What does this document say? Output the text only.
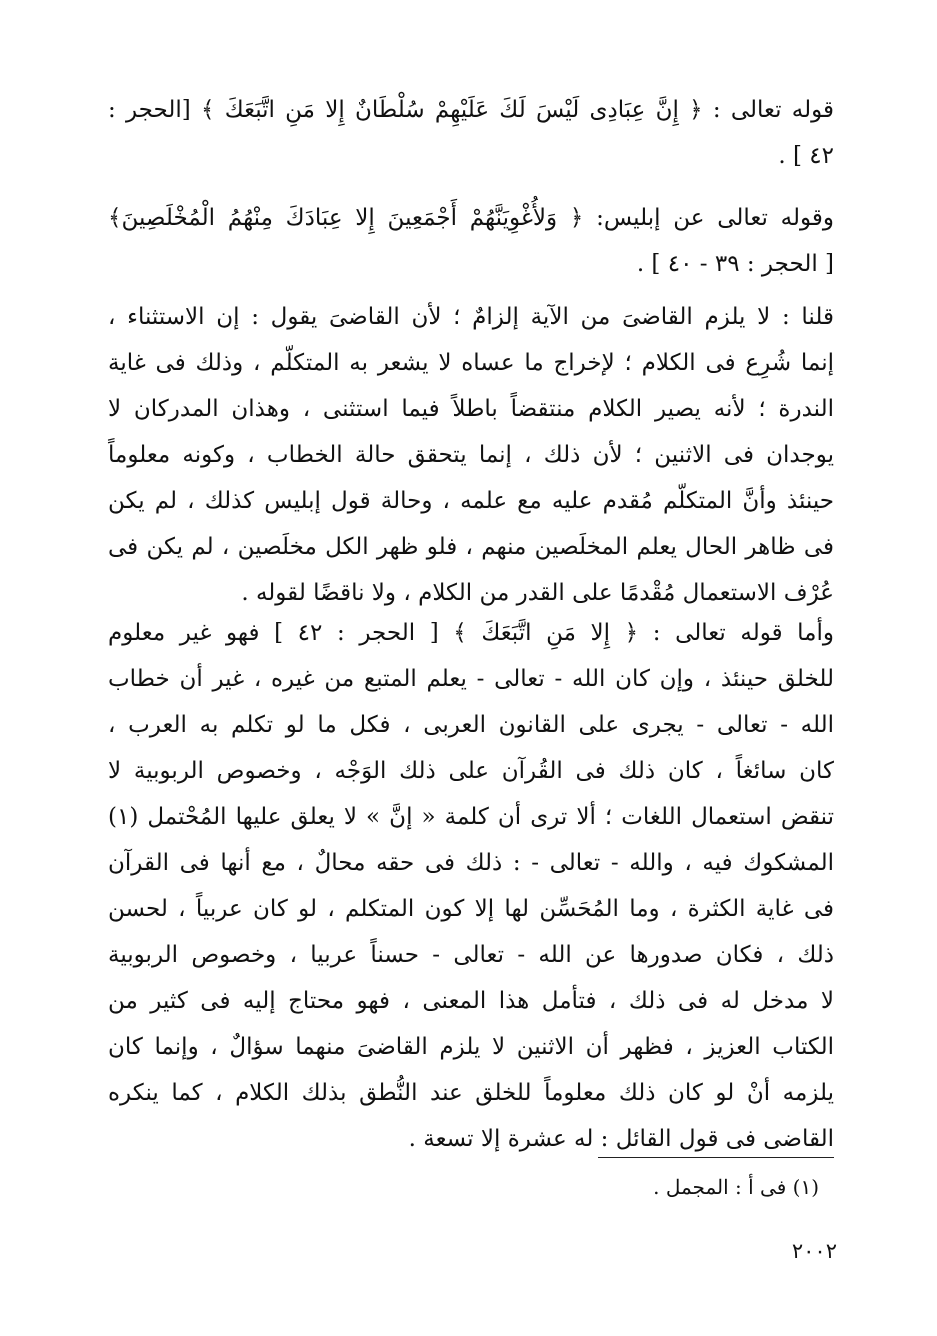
قوله تعالى : ﴿ إِنَّ عِبَادِى لَيْسَ لَكَ عَلَيْهِمْ سُلْطَانٌ إِلا مَنِ اتَّبَعَكَ ﴾ [الحجر :
٤٢ ] .
وقوله تعالى عن إبليس: ﴿ وَلأُغْوِيَنَّهُمْ أَجْمَعِينَ إِلا عِبَادَكَ مِنْهُمُ الْمُخْلَصِينَ﴾
[ الحجر : ٣٩ - ٤٠ ] .
قلنا : لا يلزم القاضىَ من الآية إلزامٌ ؛ لأن القاضىَ يقول : إن الاستثناء ،
إنما شُرِع فى الكلام ؛ لإخراج ما عساه لا يشعر به المتكلّم ، وذلك فى غاية
الندرة ؛ لأنه يصير الكلام منتقضاً باطلاً فيما استثنى ، وهذان المدركان لا
يوجدان فى الاثنين ؛ لأن ذلك ، إنما يتحقق حالة الخطاب ، وكونه معلوماً
حينئذ وأنَّ المتكلّم مُقدم عليه مع علمه ، وحالة قول إبليس كذلك ، لم يكن
فى ظاهر الحال يعلم المخلَصين منهم ، فلو ظهر الكل مخلَصين ، لم يكن فى
عُرْف الاستعمال مُقْدمًا على القدر من الكلام ، ولا ناقضًا لقوله .
وأما قوله تعالى : ﴿ إِلا مَنِ اتَّبَعَكَ ﴾ [ الحجر : ٤٢ ] فهو غير معلوم
للخلق حينئذ ، وإن كان الله - تعالى - يعلم المتبع من غيره ، غير أن خطاب
الله - تعالى - يجرى على القانون العربى ، فكل ما لو تكلم به العرب ،
كان سائغاً ، كان ذلك فى القُرآن على ذلك الوَجْه ، وخصوص الربوبية لا
تنقض استعمال اللغات ؛ ألا ترى أن كلمة « إنَّ » لا يعلق عليها المُحْتمل (١)
المشكوك فيه ، والله - تعالى - : ذلك فى حقه محالٌ ، مع أنها فى القرآن
فى غاية الكثرة ، وما المُحَسِّن لها إلا كون المتكلم ، لو كان عربياً ، لحسن
ذلك ، فكان صدورها عن الله - تعالى - حسناً عربيا ، وخصوص الربوبية
لا مدخل له فى ذلك ، فتأمل هذا المعنى ، فهو محتاج إليه فى كثير من
الكتاب العزيز ، فظهر أن الاثنين لا يلزم القاضىَ منهما سؤالٌ ، وإنما كان
يلزمه أنْ لو كان ذلك معلوماً للخلق عند النُّطق بذلك الكلام ، كما ينكره
القاضى فى قول القائل : له عشرة إلا تسعة .
(١) فى أ : المجمل .
٢٠٠٢
